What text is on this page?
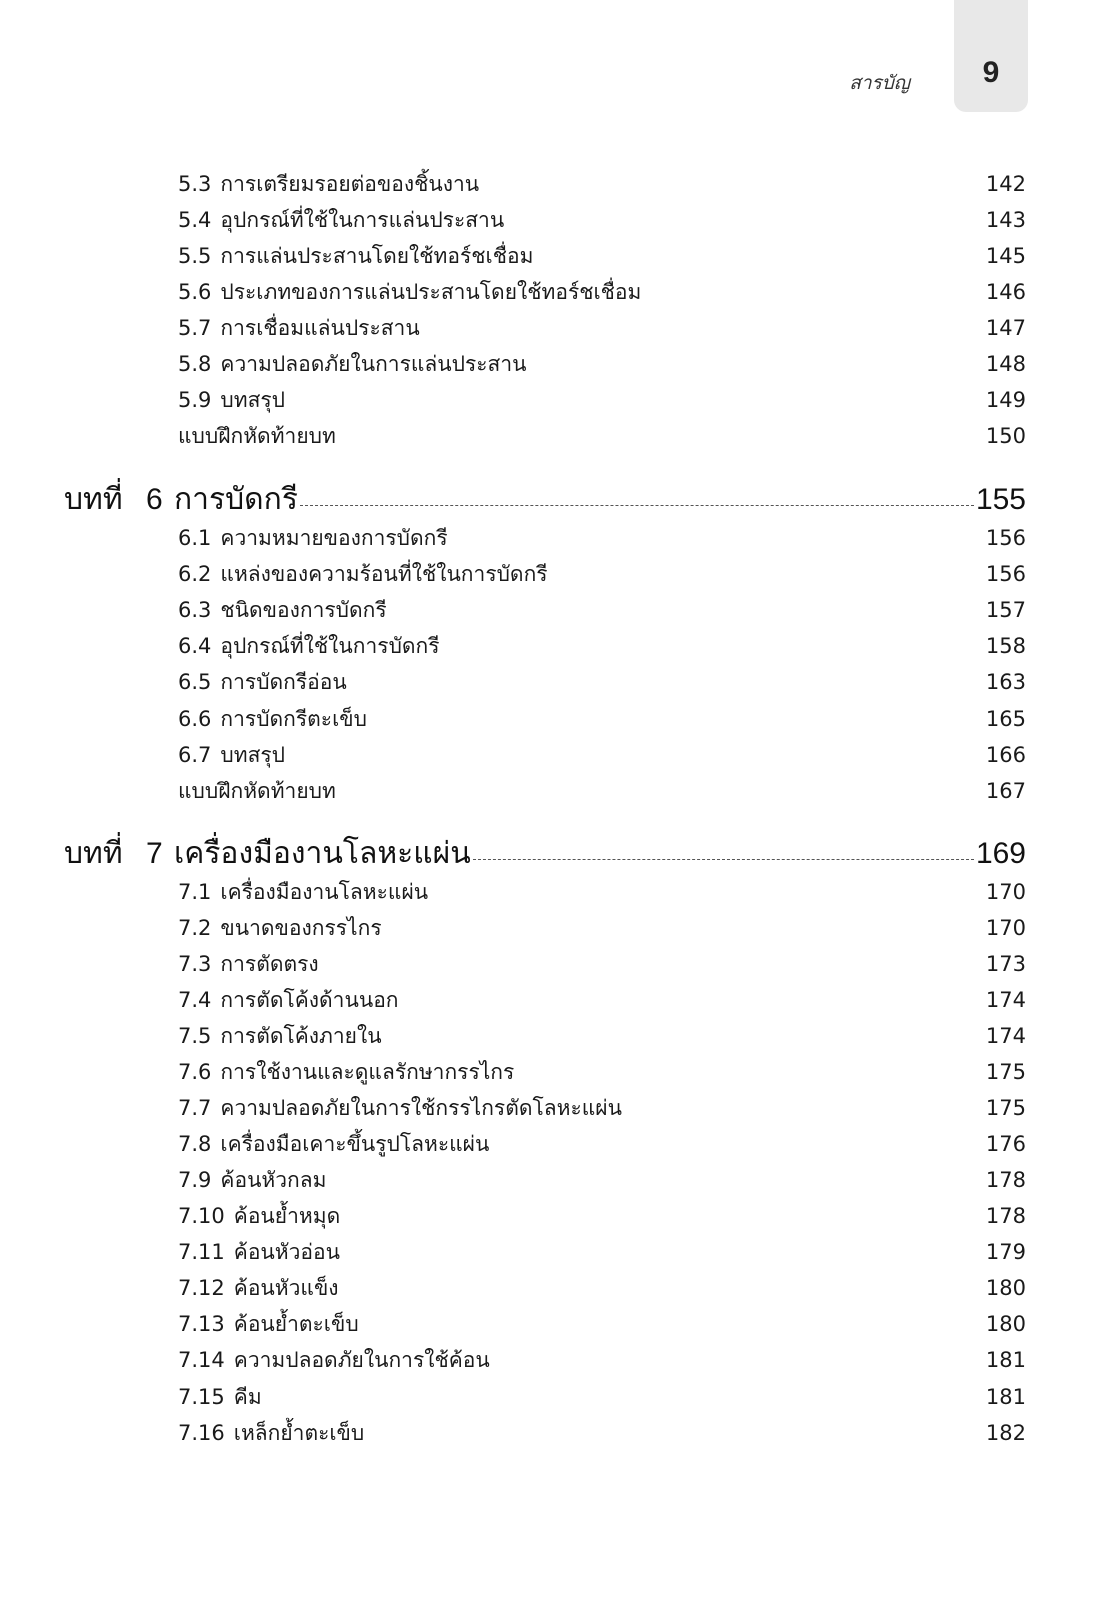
9
สารบัญ
5.3 การเตรียมรอยต่อของชิ้นงาน	142
5.4 อุปกรณ์ที่ใช้ในการแล่นประสาน	143
5.5 การแล่นประสานโดยใช้ทอร์ชเชื่อม	145
5.6 ประเภทของการแล่นประสานโดยใช้ทอร์ชเชื่อม	146
5.7 การเชื่อมแล่นประสาน	147
5.8 ความปลอดภัยในการแล่นประสาน	148
5.9 บทสรุป	149
แบบฝึกหัดท้ายบท	150
บทที่ 6 การบัดกรี	155
6.1 ความหมายของการบัดกรี	156
6.2 แหล่งของความร้อนที่ใช้ในการบัดกรี	156
6.3 ชนิดของการบัดกรี	157
6.4 อุปกรณ์ที่ใช้ในการบัดกรี	158
6.5 การบัดกรีอ่อน	163
6.6 การบัดกรีตะเข็บ	165
6.7 บทสรุป	166
แบบฝึกหัดท้ายบท	167
บทที่ 7 เครื่องมืองานโลหะแผ่น	169
7.1 เครื่องมืองานโลหะแผ่น	170
7.2 ขนาดของกรรไกร	170
7.3 การตัดตรง	173
7.4 การตัดโค้งด้านนอก	174
7.5 การตัดโค้งภายใน	174
7.6 การใช้งานและดูแลรักษากรรไกร	175
7.7 ความปลอดภัยในการใช้กรรไกรตัดโลหะแผ่น	175
7.8 เครื่องมือเคาะขึ้นรูปโลหะแผ่น	176
7.9 ค้อนหัวกลม	178
7.10 ค้อนย้ำหมุด	178
7.11 ค้อนหัวอ่อน	179
7.12 ค้อนหัวแข็ง	180
7.13 ค้อนย้ำตะเข็บ	180
7.14 ความปลอดภัยในการใช้ค้อน	181
7.15 คีม	181
7.16 เหล็กย้ำตะเข็บ	182
